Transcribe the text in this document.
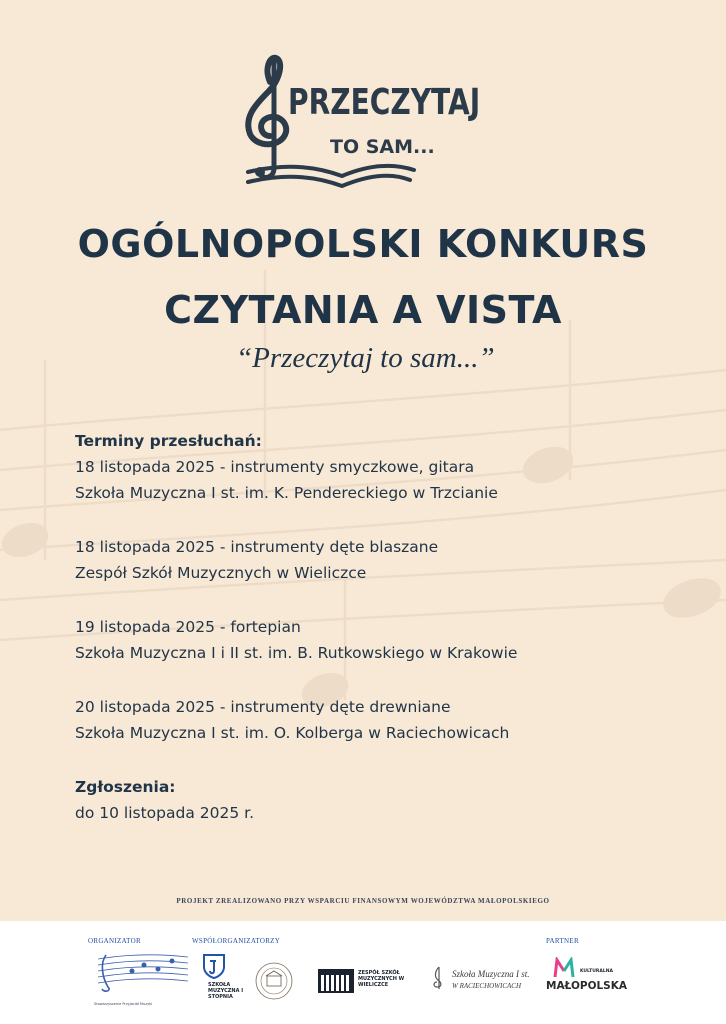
PRZECZYTAJ
TO SAM...
OGÓLNOPOLSKI KONKURS
CZYTANIA A VISTA
“Przeczytaj to sam...”
Terminy przesłuchań:
18 listopada 2025 - instrumenty smyczkowe, gitara
Szkoła Muzyczna I st. im. K. Pendereckiego w Trzcianie
18 listopada 2025 - instrumenty dęte blaszane
Zespół Szkół Muzycznych w Wieliczce
19 listopada 2025 - fortepian
Szkoła Muzyczna I i II st. im. B. Rutkowskiego w Krakowie
20 listopada 2025 - instrumenty dęte drewniane
Szkoła Muzyczna I st. im. O. Kolberga w Raciechowicach
Zgłoszenia:
do 10 listopada 2025 r.
PROJEKT ZREALIZOWANO PRZY WSPARCIU FINANSOWYM WOJEWÓDZTWA MAŁOPOLSKIEGO
ORGANIZATOR	WSPÓŁORGANIZATORZY	PARTNER
Stowarzyszenie Przyjaciół Muzyki
SZKOŁA MUZYCZNA I STOPNIA
ZESPÓŁ SZKÓŁ MUZYCZNYCH W WIELICZCE
Szkoła Muzyczna I st.
W RACIECHOWICACH
KULTURALNA
MAŁOPOLSKA
